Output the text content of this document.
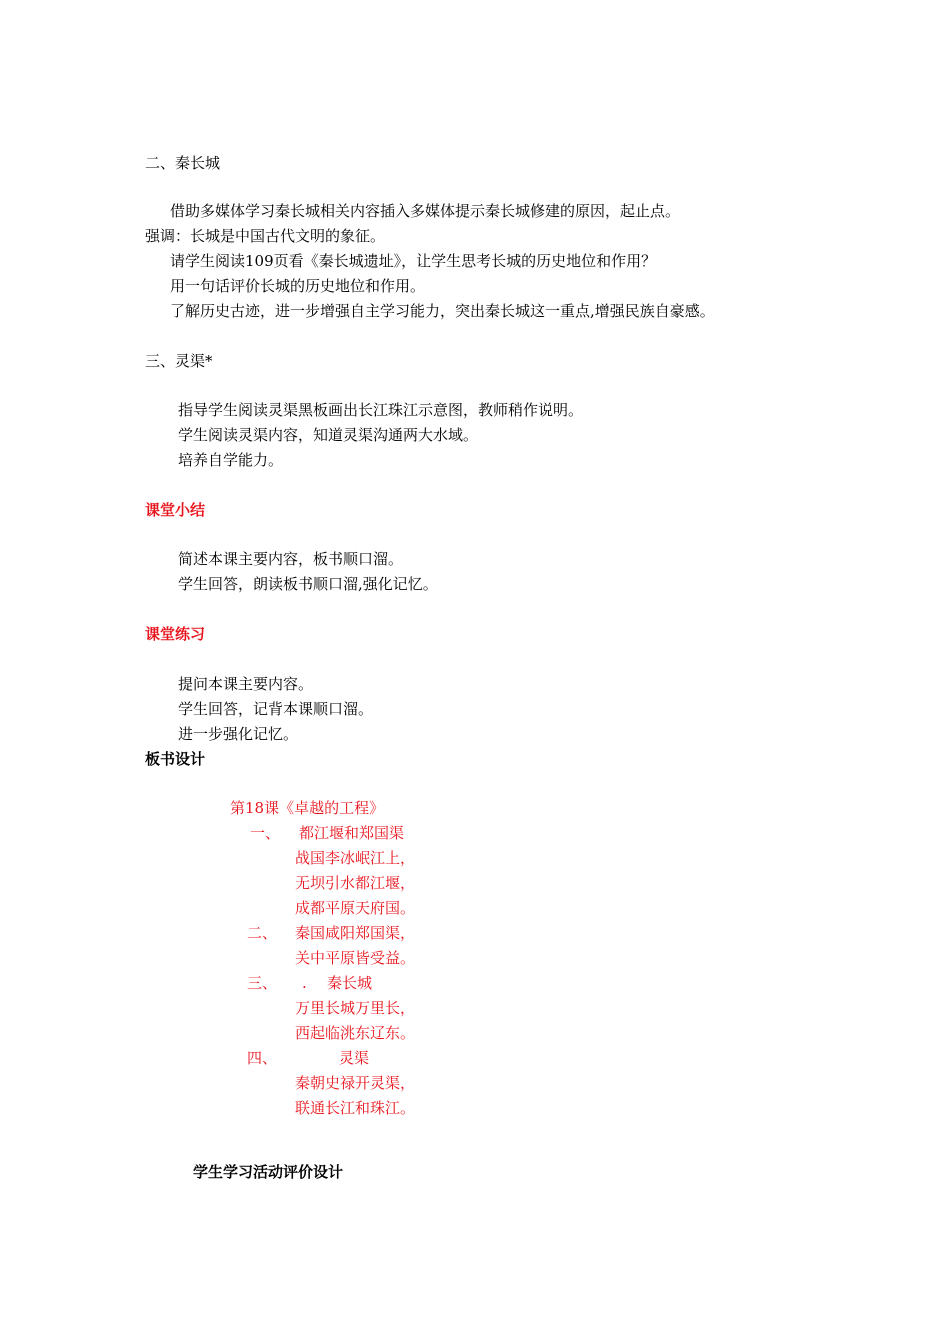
二、秦长城
借助多媒体学习秦长城相关内容插入多媒体提示秦长城修建的原因，起止点。
强调：长城是中国古代文明的象征。
请学生阅读109页看《秦长城遗址》，让学生思考长城的历史地位和作用？
用一句话评价长城的历史地位和作用。
了解历史古迹，进一步增强自主学习能力，突出秦长城这一重点,增强民族自豪感。
三、灵渠*
指导学生阅读灵渠黑板画出长江珠江示意图，教师稍作说明。
学生阅读灵渠内容，知道灵渠沟通两大水域。
培养自学能力。
课堂小结
简述本课主要内容，板书顺口溜。
学生回答，朗读板书顺口溜,强化记忆。
课堂练习
提问本课主要内容。
学生回答，记背本课顺口溜。
进一步强化记忆。
板书设计
第18课《卓越的工程》
一、 都江堰和郑国渠
战国李冰岷江上，
无坝引水都江堰，
成都平原天府国。
二、 秦国咸阳郑国渠，
关中平原皆受益。
三、 . 秦长城
万里长城万里长，
西起临洮东辽东。
四、	灵渠
秦朝史禄开灵渠，
联通长江和珠江。
学生学习活动评价设计
